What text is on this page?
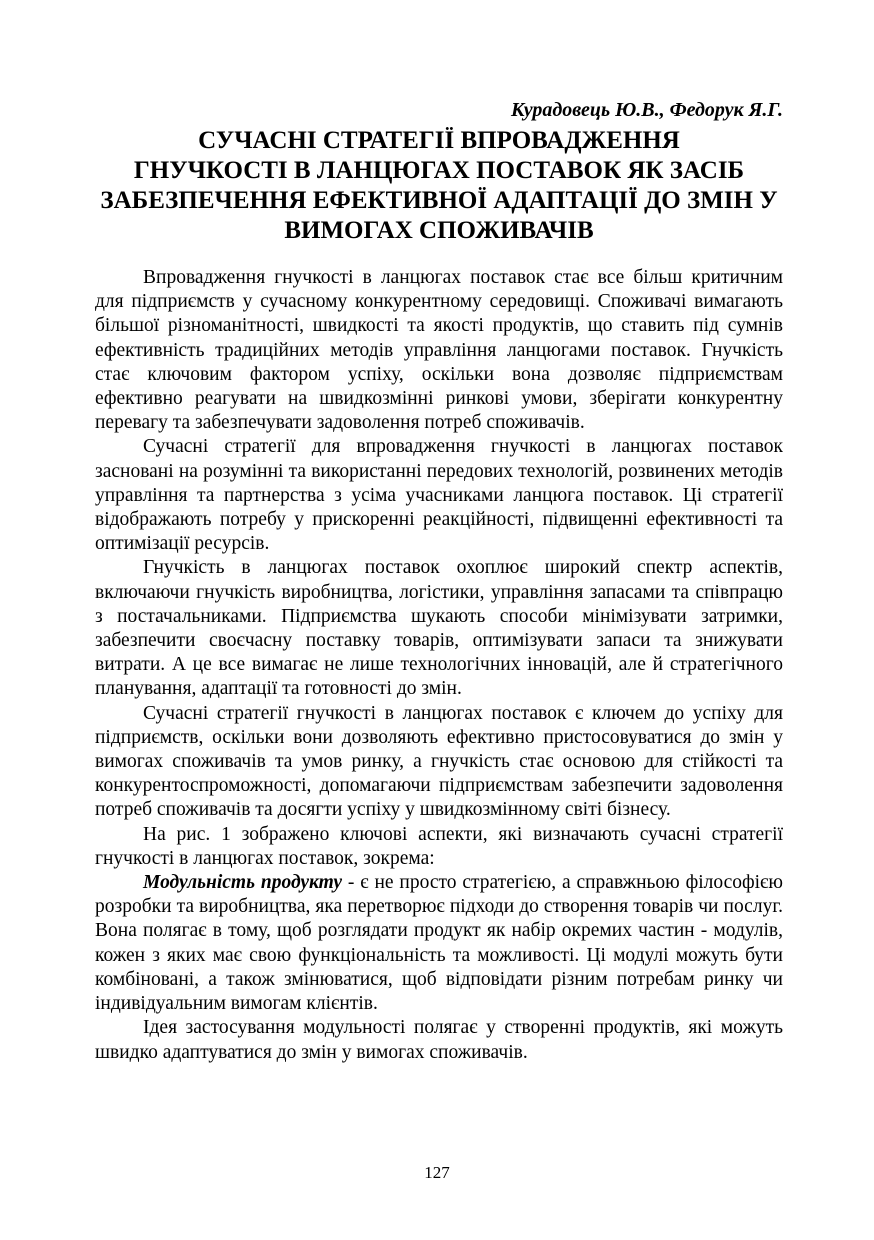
Курадовець Ю.В., Федорук Я.Г.

СУЧАСНІ СТРАТЕГІЇ ВПРОВАДЖЕННЯ
ГНУЧКОСТІ В ЛАНЦЮГАХ ПОСТАВОК ЯК ЗАСІБ
ЗАБЕЗПЕЧЕННЯ ЕФЕКТИВНОЇ АДАПТАЦІЇ ДО ЗМІН У
ВИМОГАХ СПОЖИВАЧІВ

Впровадження гнучкості в ланцюгах поставок стає все більш критичним для підприємств у сучасному конкурентному середовищі. Споживачі вимагають більшої різноманітності, швидкості та якості продуктів, що ставить під сумнів ефективність традиційних методів управління ланцюгами поставок. Гнучкість стає ключовим фактором успіху, оскільки вона дозволяє підприємствам ефективно реагувати на швидкозмінні ринкові умови, зберігати конкурентну перевагу та забезпечувати задоволення потреб споживачів.

Сучасні стратегії для впровадження гнучкості в ланцюгах поставок засновані на розумінні та використанні передових технологій, розвинених методів управління та партнерства з усіма учасниками ланцюга поставок. Ці стратегії відображають потребу у прискоренні реакційності, підвищенні ефективності та оптимізації ресурсів.

Гнучкість в ланцюгах поставок охоплює широкий спектр аспектів, включаючи гнучкість виробництва, логістики, управління запасами та співпрацю з постачальниками. Підприємства шукають способи мінімізувати затримки, забезпечити своєчасну поставку товарів, оптимізувати запаси та знижувати витрати. А це все вимагає не лише технологічних інновацій, але й стратегічного планування, адаптації та готовності до змін.

Сучасні стратегії гнучкості в ланцюгах поставок є ключем до успіху для підприємств, оскільки вони дозволяють ефективно пристосовуватися до змін у вимогах споживачів та умов ринку, а гнучкість стає основою для стійкості та конкурентоспроможності, допомагаючи підприємствам забезпечити задоволення потреб споживачів та досягти успіху у швидкозмінному світі бізнесу.

На рис. 1 зображено ключові аспекти, які визначають сучасні стратегії гнучкості в ланцюгах поставок, зокрема:

Модульність продукту - є не просто стратегією, а справжньою філософією розробки та виробництва, яка перетворює підходи до створення товарів чи послуг. Вона полягає в тому, щоб розглядати продукт як набір окремих частин - модулів, кожен з яких має свою функціональність та можливості. Ці модулі можуть бути комбіновані, а також змінюватися, щоб відповідати різним потребам ринку чи індивідуальним вимогам клієнтів.

Ідея застосування модульності полягає у створенні продуктів, які можуть швидко адаптуватися до змін у вимогах споживачів.

127
